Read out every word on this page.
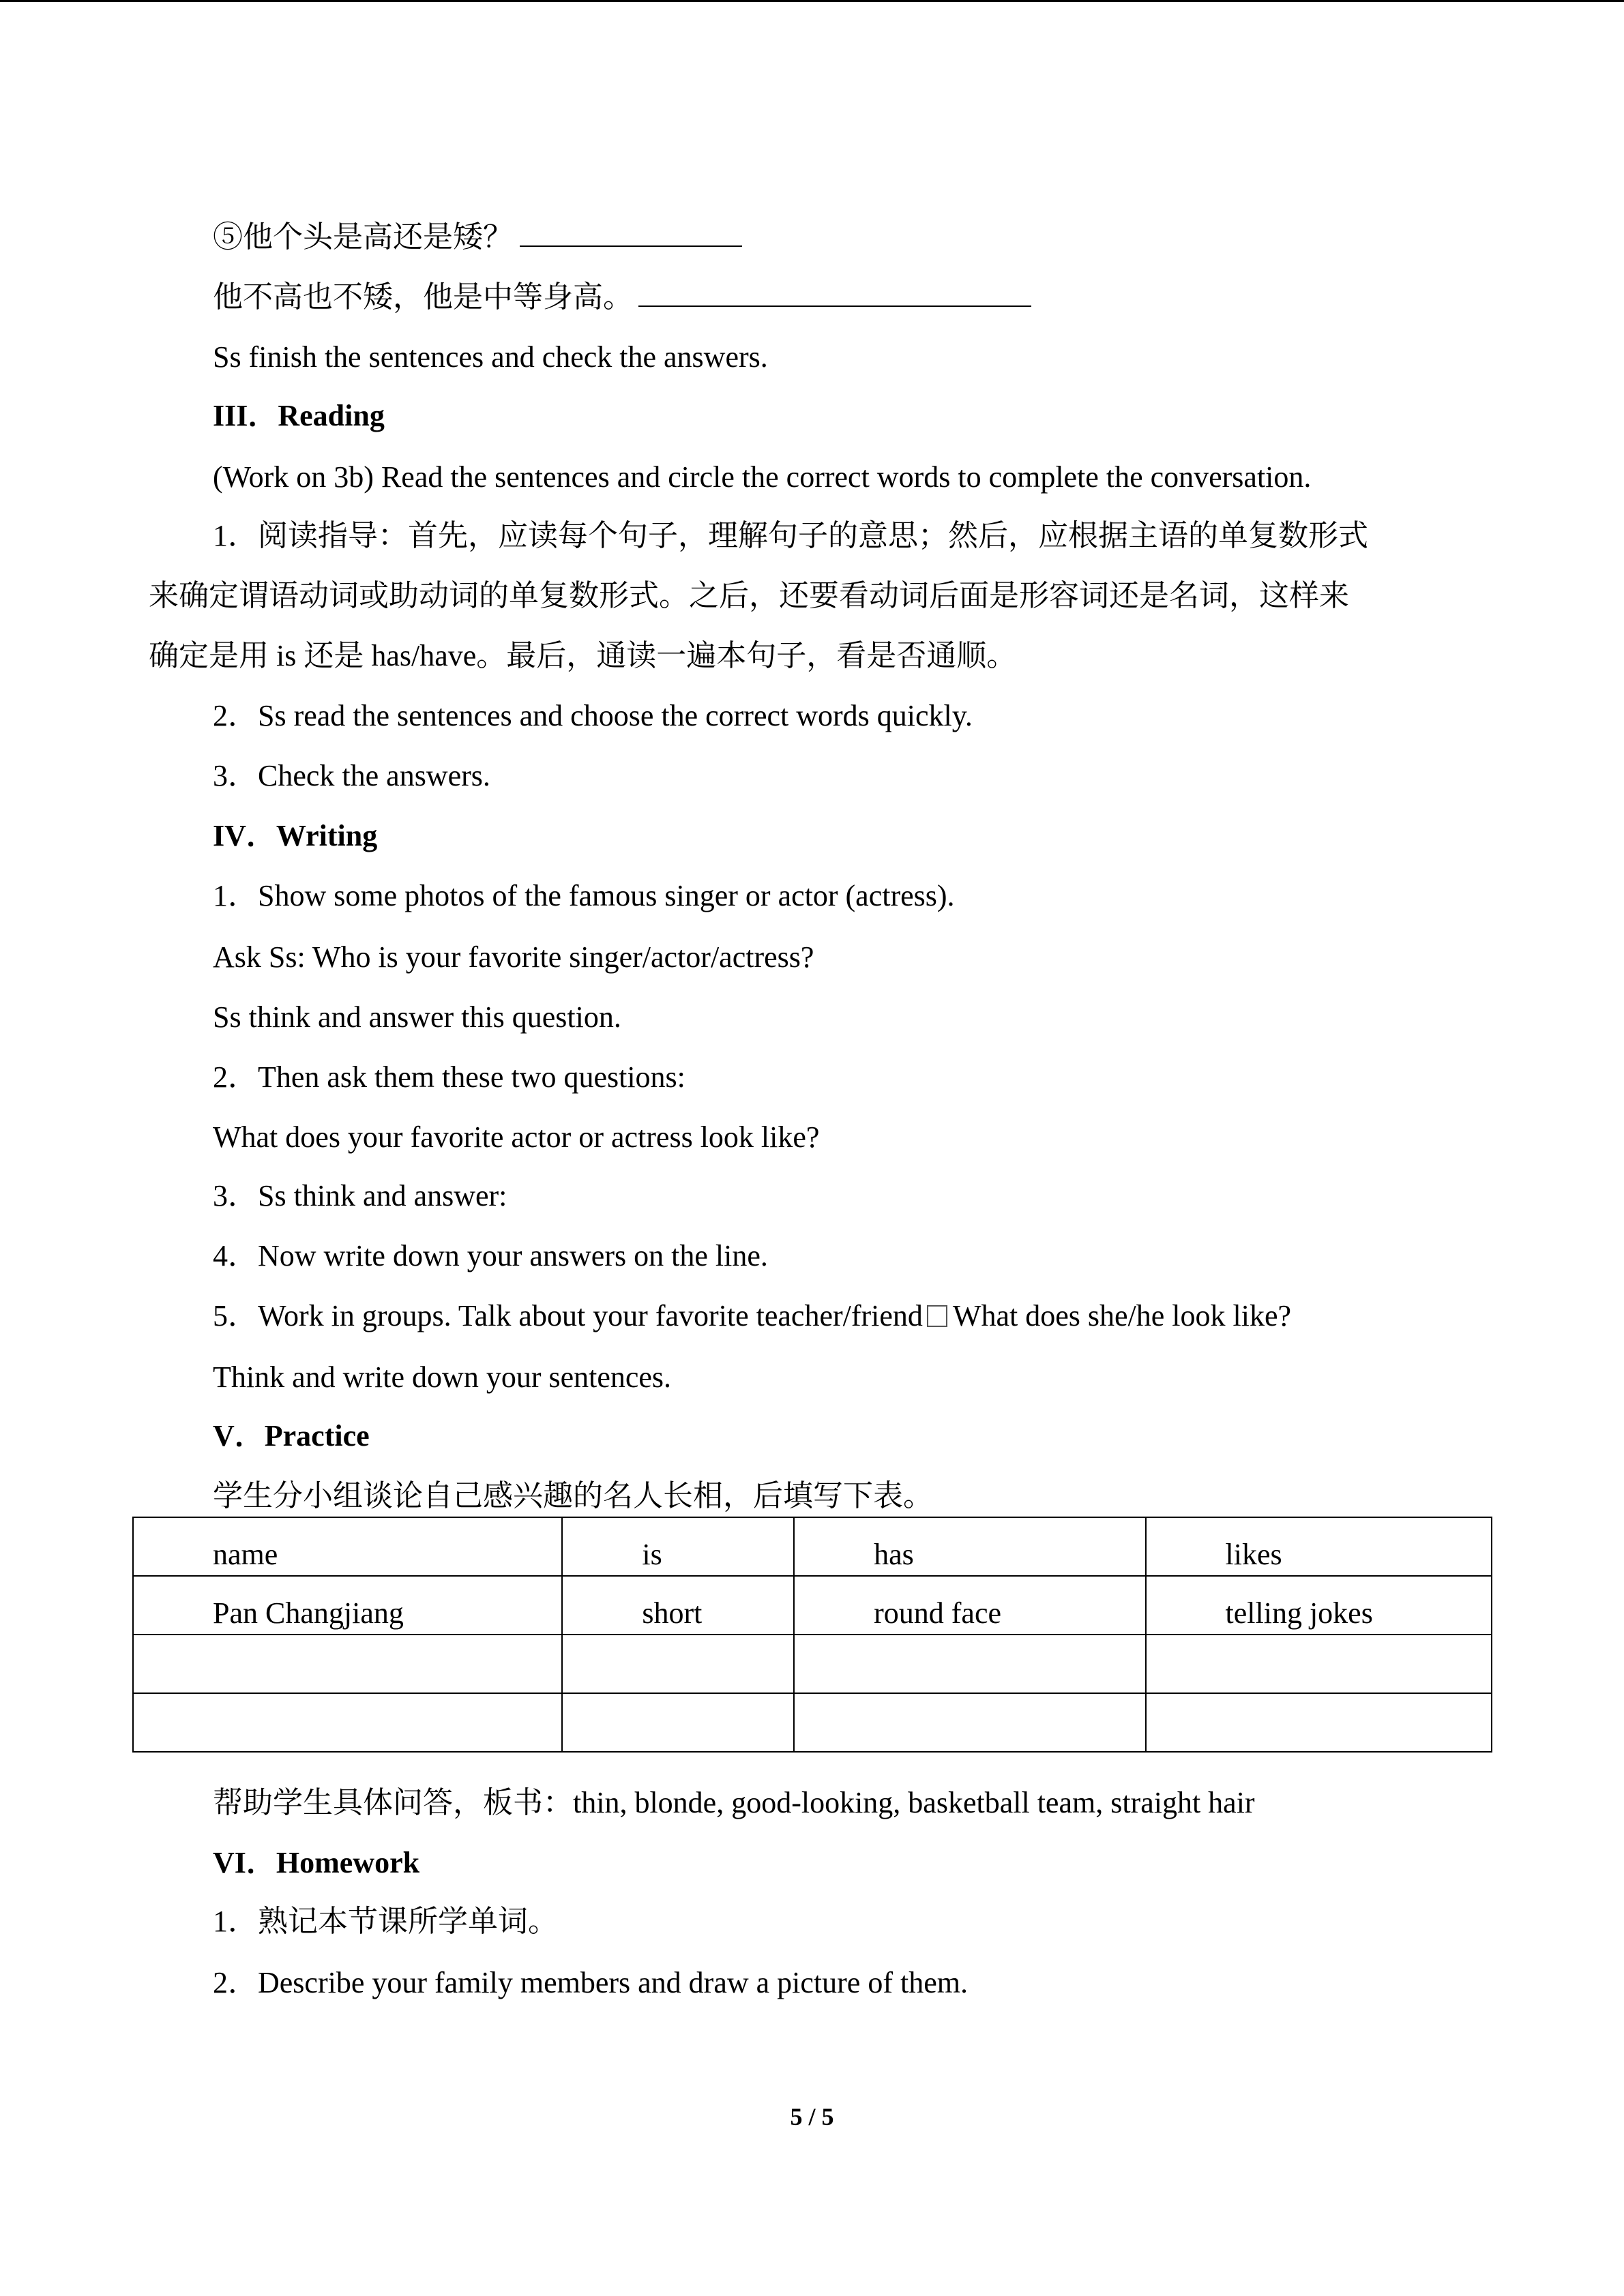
⑤他个头是高还是矮？
他不高也不矮，他是中等身高。
Ss finish the sentences and check the answers.
III．Reading
(Work on 3b) Read the sentences and circle the correct words to complete the conversation.
1．阅读指导：首先，应读每个句子，理解句子的意思；然后，应根据主语的单复数形式
来确定谓语动词或助动词的单复数形式。之后，还要看动词后面是形容词还是名词，这样来
确定是用 is 还是 has/have。最后，通读一遍本句子，看是否通顺。
2．Ss read the sentences and choose the correct words quickly.
3．Check the answers.
IV．Writing
1．Show some photos of the famous singer or actor (actress).
Ask Ss: Who is your favorite singer/actor/actress?
Ss think and answer this question.
2．Then ask them these two questions:
What does your favorite actor or actress look like?
3．Ss think and answer:
4．Now write down your answers on the line.
5．Work in groups. Talk about your favorite teacher/friend What does she/he look like?
Think and write down your sentences.
V．Practice
学生分小组谈论自己感兴趣的名人长相，后填写下表。
name	is	has	likes

Pan Changjiang	short	round face	telling jokes

帮助学生具体问答，板书：thin, blonde, good-looking, basketball team, straight hair
VI．Homework
1．熟记本节课所学单词。
2．Describe your family members and draw a picture of them.
5 / 5
